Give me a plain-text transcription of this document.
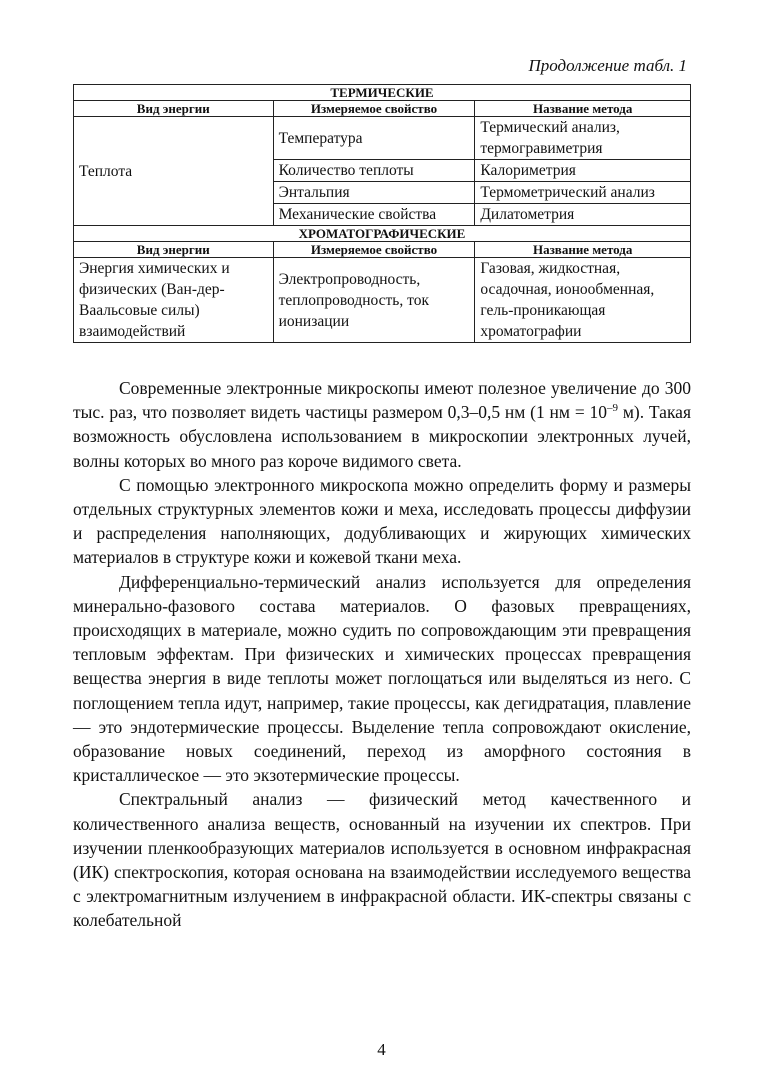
Продолжение табл. 1
ТЕРМИЧЕСКИЕ		
Вид энергии	Измеряемое свойство	Название метода
Теплота	Температура	Термический анализ, термогравиметрия
	Количество теплоты	Калориметрия
	Энтальпия	Термометрический анализ
	Механические свойства	Дилатометрия
ХРОМАТОГРАФИЧЕСКИЕ		
Вид энергии	Измеряемое свойство	Название метода
Энергия химических и физических (Ван-дер-Ваальсовые силы) взаимодействий	Электропроводность, теплопроводность, ток ионизации	Газовая, жидкостная, осадочная, ионообменная, гель-проникающая хроматографии

Современные электронные микроскопы имеют полезное увеличение до 300 тыс. раз, что позволяет видеть частицы размером 0,3–0,5 нм (1 нм = $10^{-9}$ м). Такая возможность обусловлена использованием в микроскопии электронных лучей, волны которых во много раз короче видимого света.

С помощью электронного микроскопа можно определить форму и размеры отдельных структурных элементов кожи и меха, исследовать процессы диффузии и распределения наполняющих, додубливающих и жирующих химических материалов в структуре кожи и кожевой ткани меха.

Дифференциально-термический анализ используется для определения минерально-фазового состава материалов. О фазовых превращениях, происходящих в материале, можно судить по сопровождающим эти превращения тепловым эффектам. При физических и химических процессах превращения вещества энергия в виде теплоты может поглощаться или выделяться из него. С поглощением тепла идут, например, такие процессы, как дегидратация, плавление — это эндотермические процессы. Выделение тепла сопровождают окисление, образование новых соединений, переход из аморфного состояния в кристаллическое — это экзотермические процессы.

Спектральный анализ — физический метод качественного и количественного анализа веществ, основанный на изучении их спектров. При изучении пленкообразующих материалов используется в основном инфракрасная (ИК) спектроскопия, которая основана на взаимодействии исследуемого вещества с электромагнитным излучением в инфракрасной области. ИК-спектры связаны с колебательной

4
